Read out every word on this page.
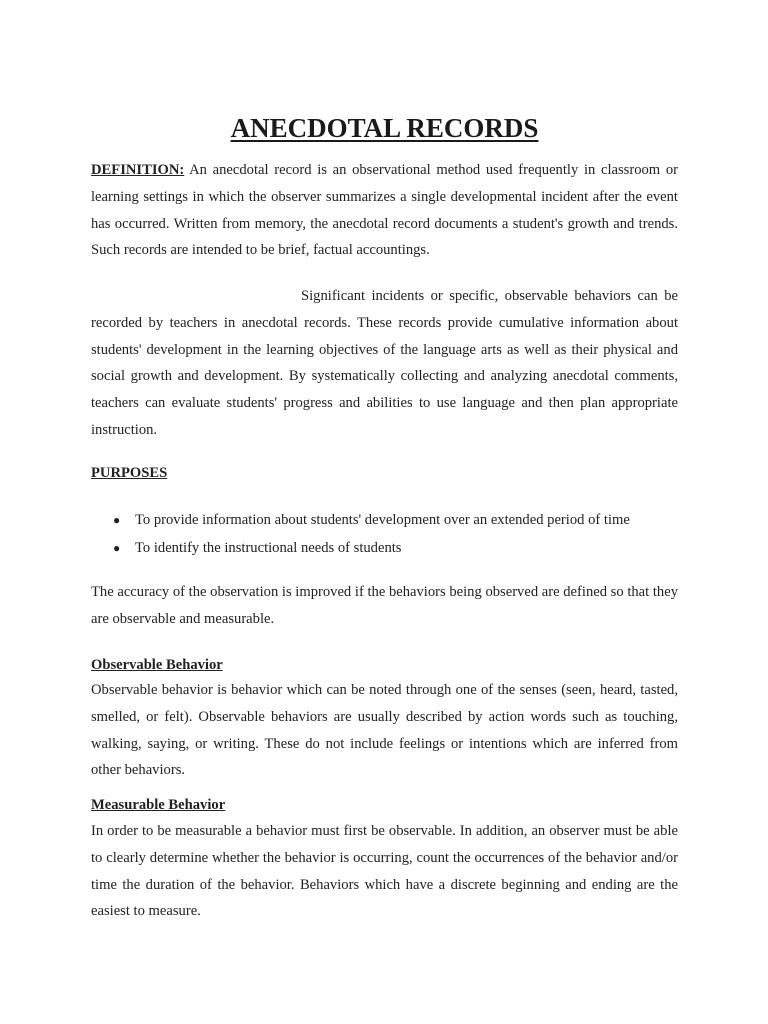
ANECDOTAL RECORDS

DEFINITION: An anecdotal record is an observational method used frequently in classroom or learning settings in which the observer summarizes a single developmental incident after the event has occurred. Written from memory, the anecdotal record documents a student's growth and trends. Such records are intended to be brief, factual accountings.

Significant incidents or specific, observable behaviors can be recorded by teachers in anecdotal records. These records provide cumulative information about students' development in the learning objectives of the language arts as well as their physical and social growth and development. By systematically collecting and analyzing anecdotal comments, teachers can evaluate students' progress and abilities to use language and then plan appropriate instruction.

PURPOSES
● To provide information about students' development over an extended period of time
● To identify the instructional needs of students

The accuracy of the observation is improved if the behaviors being observed are defined so that they are observable and measurable.

Observable Behavior

Observable behavior is behavior which can be noted through one of the senses (seen, heard, tasted, smelled, or felt). Observable behaviors are usually described by action words such as touching, walking, saying, or writing. These do not include feelings or intentions which are inferred from other behaviors.

Measurable Behavior

In order to be measurable a behavior must first be observable. In addition, an observer must be able to clearly determine whether the behavior is occurring, count the occurrences of the behavior and/or time the duration of the behavior. Behaviors which have a discrete beginning and ending are the easiest to measure.
